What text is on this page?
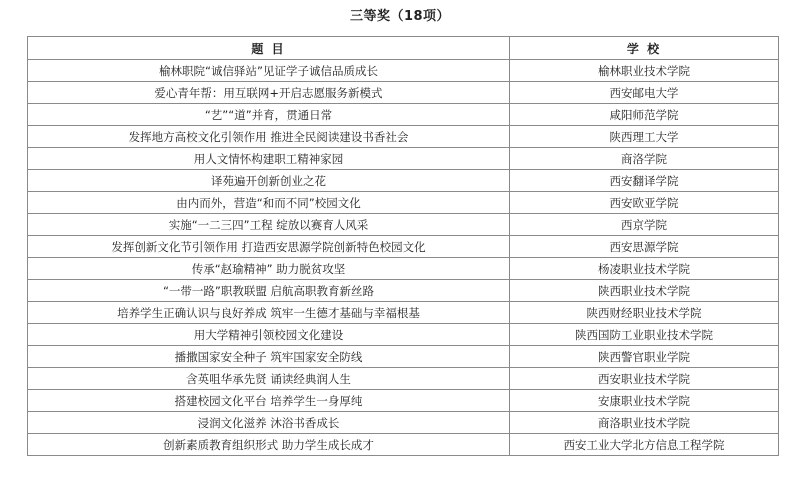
三等奖（18项）
题 目	学 校
榆林职院“诚信驿站”见证学子诚信品质成长	榆林职业技术学院
爱心青年帮：用互联网+开启志愿服务新模式	西安邮电大学
“艺”“道”并育，贯通日常	咸阳师范学院
发挥地方高校文化引领作用 推进全民阅读建设书香社会	陕西理工大学
用人文情怀构建职工精神家园	商洛学院
译苑遍开创新创业之花	西安翻译学院
由内而外，营造“和而不同”校园文化	西安欧亚学院
实施“一二三四”工程 绽放以赛育人风采	西京学院
发挥创新文化节引领作用 打造西安思源学院创新特色校园文化	西安思源学院
传承“赵瑜精神” 助力脱贫攻坚	杨凌职业技术学院
“一带一路”职教联盟 启航高职教育新丝路	陕西职业技术学院
培养学生正确认识与良好养成 筑牢一生德才基础与幸福根基	陕西财经职业技术学院
用大学精神引领校园文化建设	陕西国防工业职业技术学院
播撒国家安全种子 筑牢国家安全防线	陕西警官职业学院
含英咀华承先贤 诵读经典润人生	西安职业技术学院
搭建校园文化平台 培养学生一身厚纯	安康职业技术学院
浸润文化滋养 沐浴书香成长	商洛职业技术学院
创新素质教育组织形式 助力学生成长成才	西安工业大学北方信息工程学院
